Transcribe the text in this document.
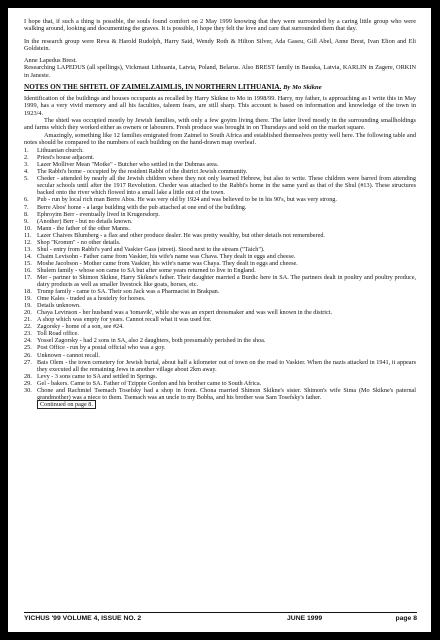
I hope that, if such a thing is possible, the souls found comfort on 2 May 1999 knowing that they were surrounded by a caring little group who were walking around, looking and documenting the graves. It is possible, I hope they felt the love and care that surrounded them that day.

In the research group were Reva & Harold Rudolph, Harry Said, Wendy Roth & Hilton Silver, Ada Gaseu, Gill Abel, Anne Brest, Ivan Elion and Eli Goldstein.

Anne Lapedus Brest.

Researching LAPEDUS (all spellings), Vickmaui Lithuania, Latvia, Poland, Belarus. Also BREST family in Bauska, Latvia, KARLIN in Zagere, ORKIN in Janeste.

NOTES ON THE SHTETL OF ZAIMELZAIMLIS, IN NORTHERN LITHUANIA. By Mo Skikne

Identification of the buildings and houses occupants as recalled by Harry Skikne to Mo in 1998/99. Harry, my father, is approaching as I write this in May 1999, has a very vivid memory and all his faculties, taleem fears, are still sharp. This account is based on information and knowledge of the town in 1923/4.

The shtetl was occupied mostly by Jewish families, with only a few goyim living there. The latter lived mostly in the surrounding smallholdings and farms which they worked either as owners or labourers. Fresh produce was brought in on Thursdays and sold on the market square.

Amazingly, something like 12 families emigrated from Zaimel to South Africa and established themselves pretty well here. The following table and notes should be compared to the numbers of each building on the hand-drawn map overleaf.

1.	Lithuanian church.
2.	Priest's house adjacent.
3.	Lazer Molliver Mean "Motke" - Butcher who settled in the Dubmas area.
4.	The Rabbi's home - occupied by the resident Rabbi of the district Jewish community.
5.	Cheder - attended by nearly all the Jewish children where they not only learned Hebrew, but also to write. These children were barred from attending secular schools until after the 1917 Revolution. Cheder was attached to the Rabbi's home in the same yard as that of the Shul (#13). These structures backed onto the river which flowed into a small lake a little out of the town.
6.	Pub - run by local rich man Berre Abos. He was very old by 1924 and was believed to be in his 90's, but was very strong.
7.	Berre Abos' home - a large building with the pub attached at one end of the building.
8.	Ephroyim Berr - eventually lived in Krugersdorp.
9.	(Another) Berr - but no details known.
10. Mann - the father of the other Manns.
11. Lazer Chaives Blumberg - a flax and other produce dealer. He was pretty wealthy, but other details not remembered.
12. Shop "Kromm" - no other details.
13. Shul - entry from Rabbi's yard and Vaskier Gass (street). Stood next to the stream ("Taich").
14. Chaim Levisohn - Father came from Vaskier, his wife's name was Chava. They dealt in eggs and cheese.
15. Moshe Jacobson - Mother came from Vaskier, his wife's name was Chaya. They dealt in eggs and cheese.
16. Shulem family - whose son came to SA but after some years returned to live in England.
17. Mer - partner to Shimon Skikne, Harry Skikne's father. Their daughter married a Burdic here in SA. The partners dealt in poultry and poultry produce, dairy products as well as smaller livestock like goats, horses, etc.
18. Trump family - came to SA. Their son Jack was a Pharmacist in Brakpan.
19. Ome Kales - traded as a hostelry for horses.
19. Details unknown.
20. Chaya Levinson - her husband was a 'tomavik', while she was an expert dressmaker and was well known in the district.
21. A shop which was empty for years. Cannot recall what it was used for.
22. Zagorsky - home of a son, see #24.
23. Toll Road office.
24. Yossel Zagorsky - had 2 sons in SA, also 2 daughters, both presumably perished in the shoa.
25. Post Office - run by a postal official who was a goy.
26. Unknown - cannot recall.
27. Bais Olem - the town cemetery for Jewish burial, about half a kilometer out of town on the road to Vaskier. When the nazis attacked in 1941, it appears they executed all the remaining Jews in another village about 2km away.
28. Levy - 3 sons came to SA and settled in Springs.
29. Gel - bakers. Came to SA. Father of Tzippie Gordon and his brother came to South Africa.
30. Chone and Rachmiel Tsemach Tosefsky had a shop in front. Chona married Shimon Skikne's sister. Shimon's wife Sima (Mo Skikne's paternal grandmother) was a niece to them. Tsemach was an uncle to my Bobba, and his brother was Sam Tosefsky's father.
Continued on page 8.
YICHUS '99 VOLUME 4, ISSUE NO. 2	JUNE 1999	page 8
